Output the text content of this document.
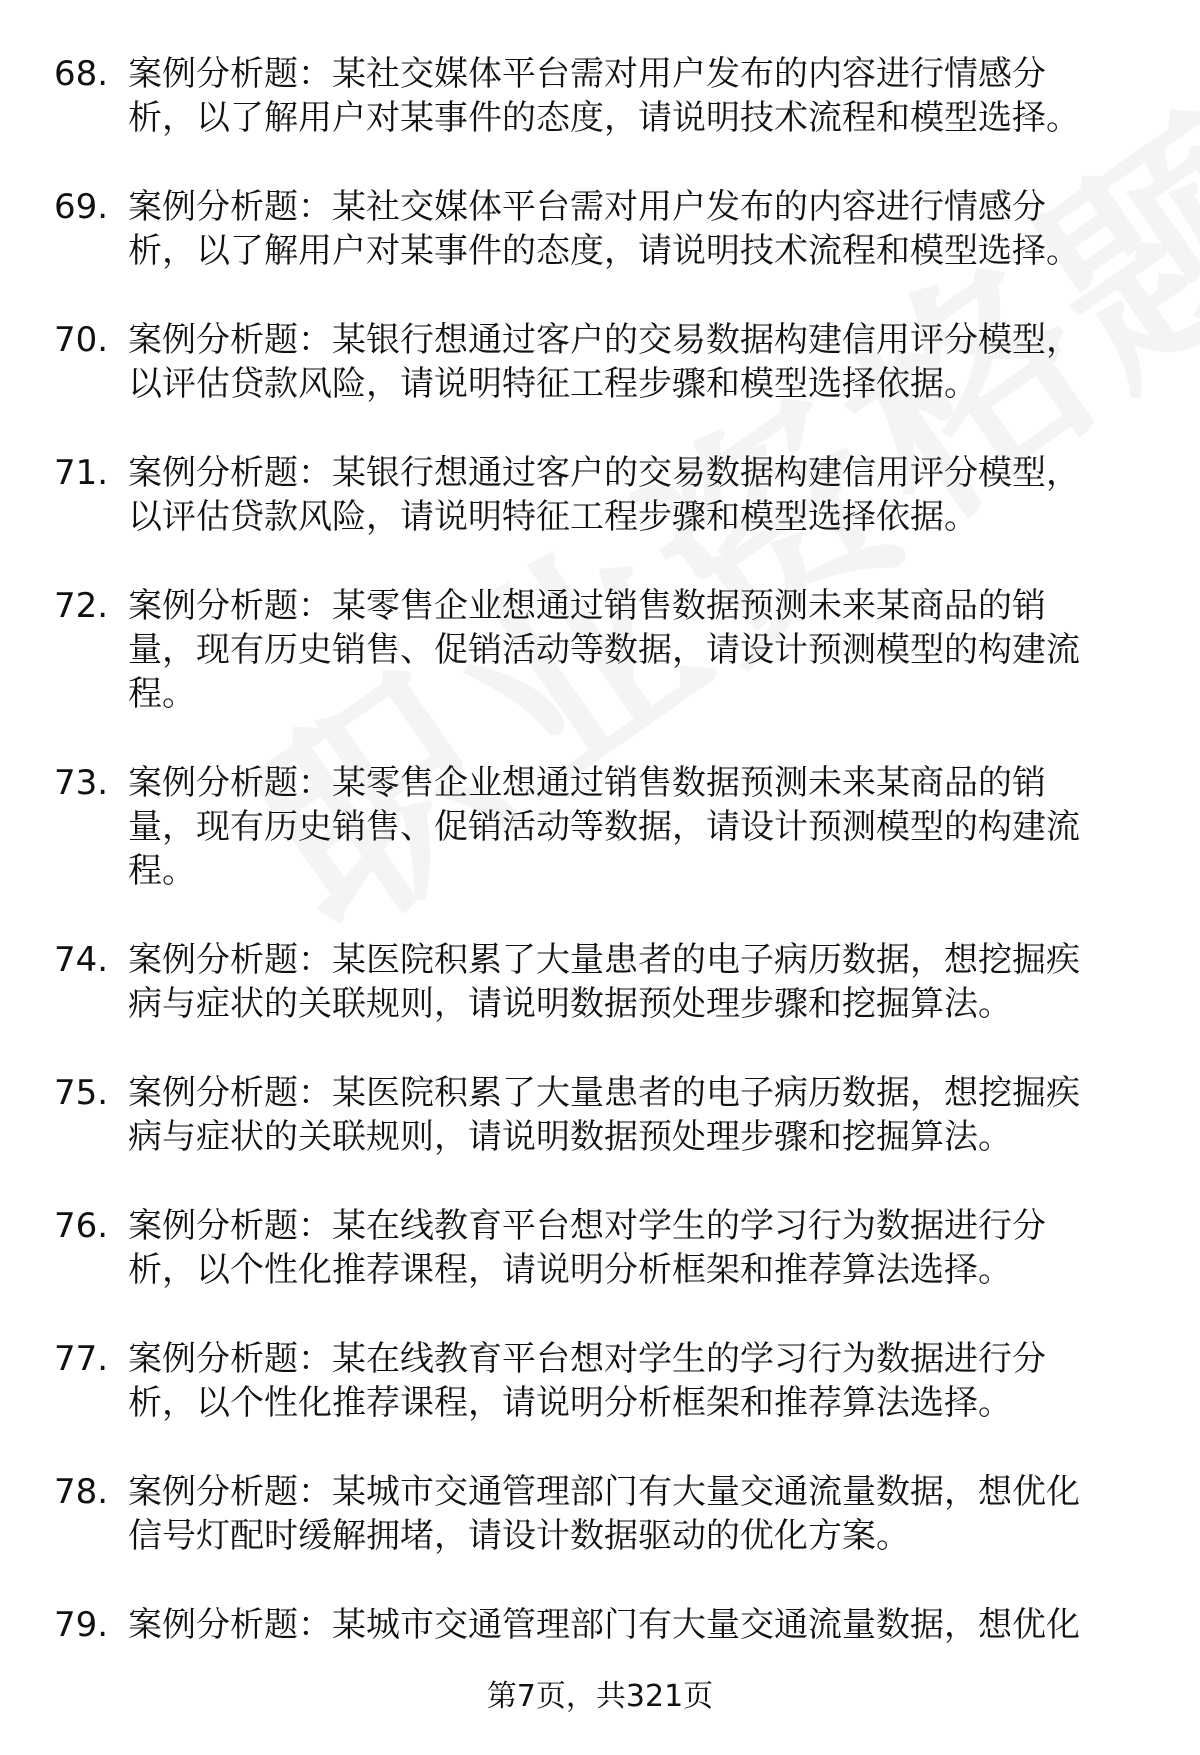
68. 案例分析题：某社交媒体平台需对用户发布的内容进行情感分
析，以了解用户对某事件的态度，请说明技术流程和模型选择。
69. 案例分析题：某社交媒体平台需对用户发布的内容进行情感分
析，以了解用户对某事件的态度，请说明技术流程和模型选择。
70. 案例分析题：某银行想通过客户的交易数据构建信用评分模型，
以评估贷款风险，请说明特征工程步骤和模型选择依据。
71. 案例分析题：某银行想通过客户的交易数据构建信用评分模型，
以评估贷款风险，请说明特征工程步骤和模型选择依据。
72. 案例分析题：某零售企业想通过销售数据预测未来某商品的销
量，现有历史销售、促销活动等数据，请设计预测模型的构建流
程。
73. 案例分析题：某零售企业想通过销售数据预测未来某商品的销
量，现有历史销售、促销活动等数据，请设计预测模型的构建流
程。
74. 案例分析题：某医院积累了大量患者的电子病历数据，想挖掘疾
病与症状的关联规则，请说明数据预处理步骤和挖掘算法。
75. 案例分析题：某医院积累了大量患者的电子病历数据，想挖掘疾
病与症状的关联规则，请说明数据预处理步骤和挖掘算法。
76. 案例分析题：某在线教育平台想对学生的学习行为数据进行分
析，以个性化推荐课程，请说明分析框架和推荐算法选择。
77. 案例分析题：某在线教育平台想对学生的学习行为数据进行分
析，以个性化推荐课程，请说明分析框架和推荐算法选择。
78. 案例分析题：某城市交通管理部门有大量交通流量数据，想优化
信号灯配时缓解拥堵，请设计数据驱动的优化方案。
79. 案例分析题：某城市交通管理部门有大量交通流量数据，想优化
第7页，共321页
